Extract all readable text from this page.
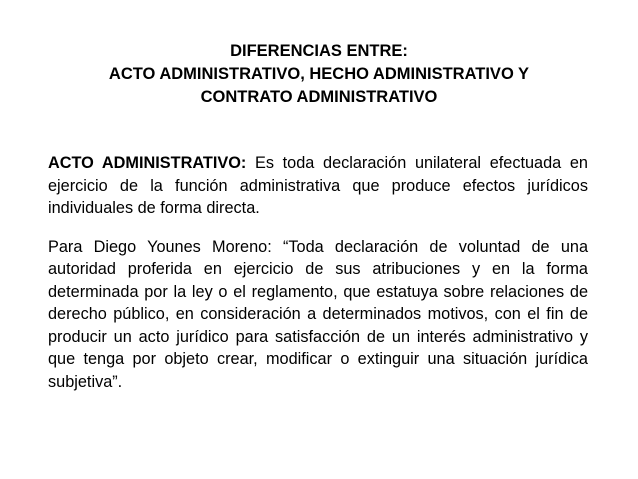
DIFERENCIAS ENTRE:
ACTO ADMINISTRATIVO, HECHO ADMINISTRATIVO Y
CONTRATO ADMINISTRATIVO

ACTO ADMINISTRATIVO: Es toda declaración unilateral efectuada en ejercicio de la función administrativa que produce efectos jurídicos individuales de forma directa.

Para Diego Younes Moreno: “Toda declaración de voluntad de una autoridad proferida en ejercicio de sus atribuciones y en la forma determinada por la ley o el reglamento, que estatuya sobre relaciones de derecho público, en consideración a determinados motivos, con el fin de producir un acto jurídico para satisfacción de un interés administrativo y que tenga por objeto crear, modificar o extinguir una situación jurídica subjetiva”.
